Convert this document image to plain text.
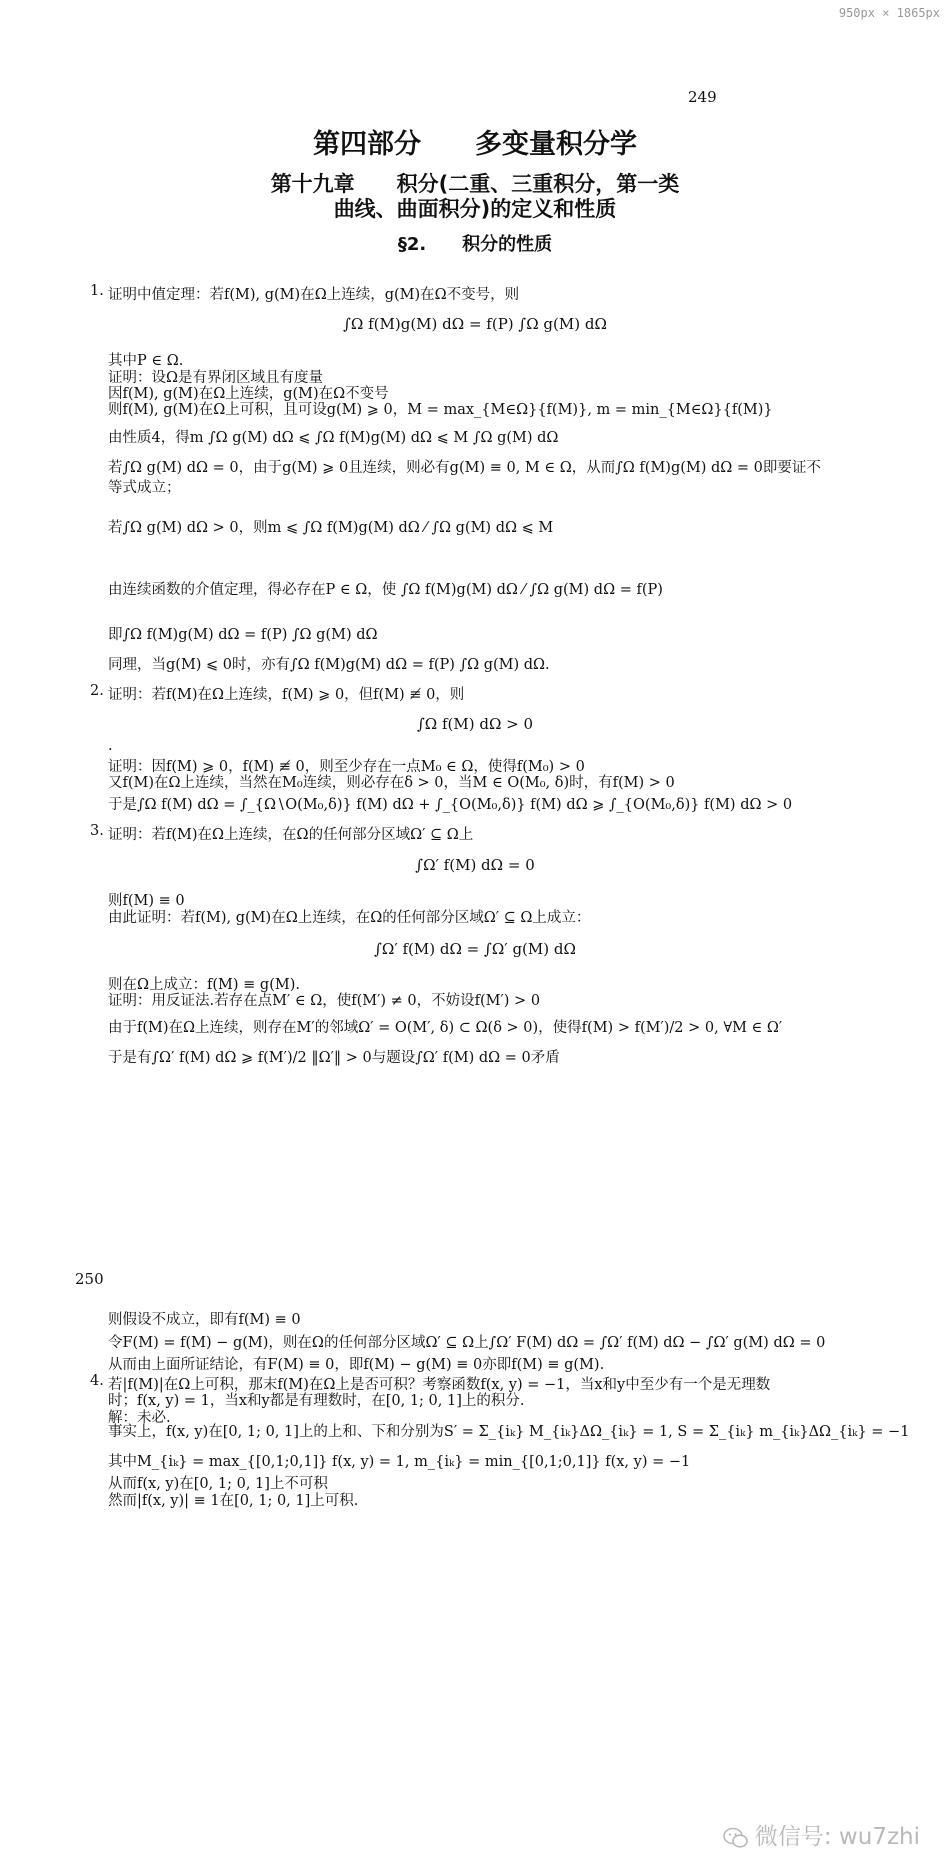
950px × 1865px
249
第四部分　　多变量积分学
第十九章　　积分(二重、三重积分，第一类
曲线、曲面积分)的定义和性质
§2.　　积分的性质
1. 证明中值定理：若f(M), g(M)在Ω上连续，g(M)在Ω不变号，则
∫Ω f(M)g(M) dΩ = f(P) ∫Ω g(M) dΩ
其中P ∈ Ω.
证明：设Ω是有界闭区域且有度量
因f(M), g(M)在Ω上连续，g(M)在Ω不变号
则f(M), g(M)在Ω上可积，且可设g(M) ⩾ 0，M = max_{M∈Ω}{f(M)}, m = min_{M∈Ω}{f(M)}
由性质4，得m ∫Ω g(M) dΩ ⩽ ∫Ω f(M)g(M) dΩ ⩽ M ∫Ω g(M) dΩ
若∫Ω g(M) dΩ = 0，由于g(M) ⩾ 0且连续，则必有g(M) ≡ 0, M ∈ Ω，从而∫Ω f(M)g(M) dΩ = 0即要证不
等式成立；
若∫Ω g(M) dΩ > 0，则m ⩽ ∫Ω f(M)g(M) dΩ ⁄ ∫Ω g(M) dΩ ⩽ M
由连续函数的介值定理，得必存在P ∈ Ω，使 ∫Ω f(M)g(M) dΩ ⁄ ∫Ω g(M) dΩ = f(P)
即∫Ω f(M)g(M) dΩ = f(P) ∫Ω g(M) dΩ
同理，当g(M) ⩽ 0时，亦有∫Ω f(M)g(M) dΩ = f(P) ∫Ω g(M) dΩ.
2. 证明：若f(M)在Ω上连续，f(M) ⩾ 0，但f(M) ≢ 0，则
∫Ω f(M) dΩ > 0
.
证明：因f(M) ⩾ 0，f(M) ≢ 0，则至少存在一点M₀ ∈ Ω，使得f(M₀) > 0
又f(M)在Ω上连续，当然在M₀连续，则必存在δ > 0，当M ∈ O(M₀, δ)时，有f(M) > 0
于是∫Ω f(M) dΩ = ∫_{Ω∖O(M₀,δ)} f(M) dΩ + ∫_{O(M₀,δ)} f(M) dΩ ⩾ ∫_{O(M₀,δ)} f(M) dΩ > 0
3. 证明：若f(M)在Ω上连续，在Ω的任何部分区域Ω′ ⊆ Ω上
∫Ω′ f(M) dΩ = 0
则f(M) ≡ 0
由此证明：若f(M), g(M)在Ω上连续，在Ω的任何部分区域Ω′ ⊆ Ω上成立：
∫Ω′ f(M) dΩ = ∫Ω′ g(M) dΩ
则在Ω上成立：f(M) ≡ g(M).
证明：用反证法.若存在点M′ ∈ Ω，使f(M′) ≠ 0，不妨设f(M′) > 0
由于f(M)在Ω上连续，则存在M′的邻域Ω′ = O(M′, δ) ⊂ Ω(δ > 0)，使得f(M) > f(M′)/2 > 0, ∀M ∈ Ω′
于是有∫Ω′ f(M) dΩ ⩾ f(M′)/2 ‖Ω′‖ > 0与题设∫Ω′ f(M) dΩ = 0矛盾
250
则假设不成立，即有f(M) ≡ 0
令F(M) = f(M) − g(M)，则在Ω的任何部分区域Ω′ ⊆ Ω上∫Ω′ F(M) dΩ = ∫Ω′ f(M) dΩ − ∫Ω′ g(M) dΩ = 0
从而由上面所证结论，有F(M) ≡ 0，即f(M) − g(M) ≡ 0亦即f(M) ≡ g(M).
4. 若|f(M)|在Ω上可积，那末f(M)在Ω上是否可积？考察函数f(x, y) = −1，当x和y中至少有一个是无理数
时；f(x, y) = 1，当x和y都是有理数时，在[0, 1; 0, 1]上的积分.
解：未必.
事实上，f(x, y)在[0, 1; 0, 1]上的上和、下和分别为S′ = Σ_{iₖ} M_{iₖ}ΔΩ_{iₖ} = 1, S = Σ_{iₖ} m_{iₖ}ΔΩ_{iₖ} = −1
其中M_{iₖ} = max_{[0,1;0,1]} f(x, y) = 1, m_{iₖ} = min_{[0,1;0,1]} f(x, y) = −1
从而f(x, y)在[0, 1; 0, 1]上不可积
然而|f(x, y)| ≡ 1在[0, 1; 0, 1]上可积.
微信号: wu7zhi
